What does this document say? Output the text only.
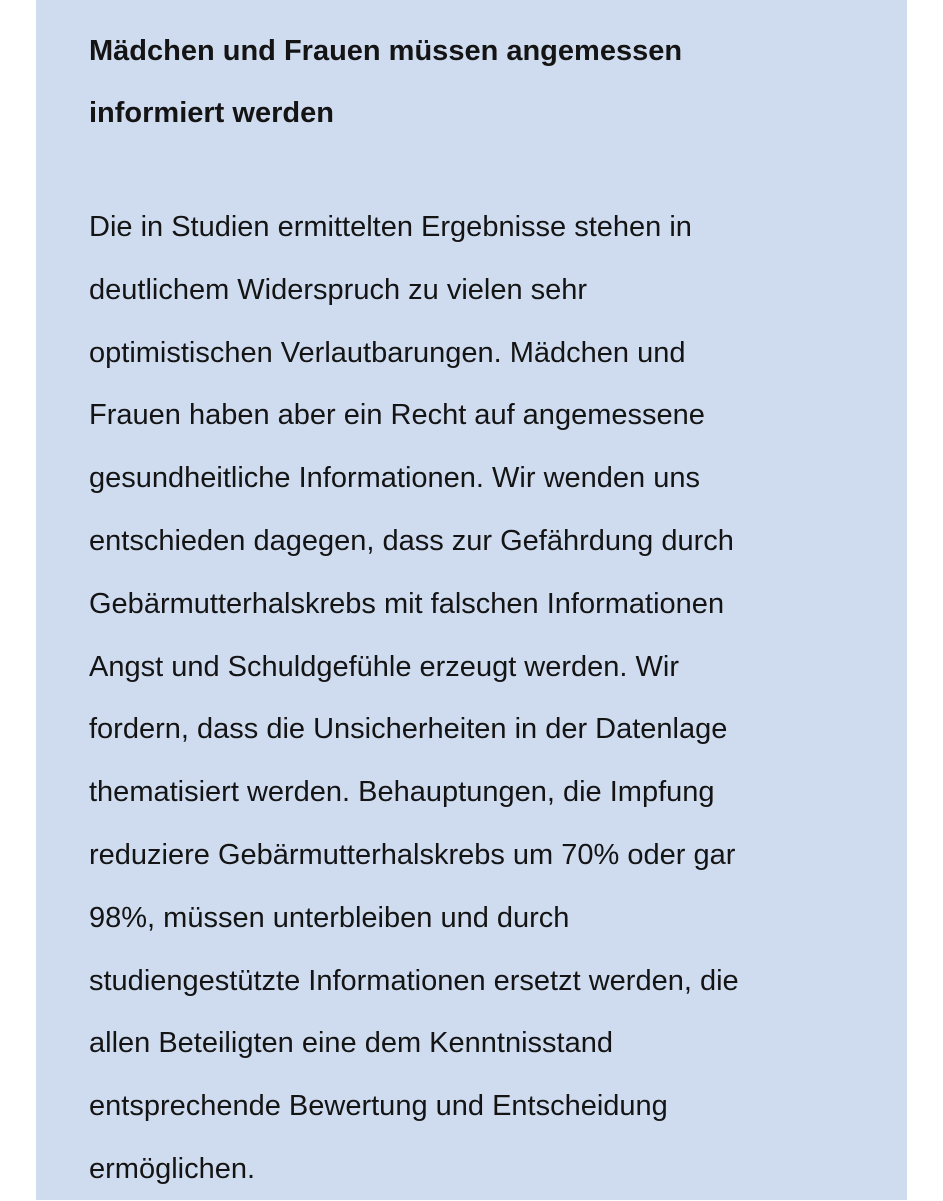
Mädchen und Frauen müssen angemessen
informiert werden

Die in Studien ermittelten Ergebnisse stehen in
deutlichem Widerspruch zu vielen sehr
optimistischen Verlautbarungen. Mädchen und
Frauen haben aber ein Recht auf angemessene
gesundheitliche Informationen. Wir wenden uns
entschieden dagegen, dass zur Gefährdung durch
Gebärmutterhalskrebs mit falschen Informationen
Angst und Schuldgefühle erzeugt werden. Wir
fordern, dass die Unsicherheiten in der Datenlage
thematisiert werden. Behauptungen, die Impfung
reduziere Gebärmutterhalskrebs um 70% oder gar
98%, müssen unterbleiben und durch
studiengestützte Informationen ersetzt werden, die
allen Beteiligten eine dem Kenntnisstand
entsprechende Bewertung und Entscheidung
ermöglichen.
